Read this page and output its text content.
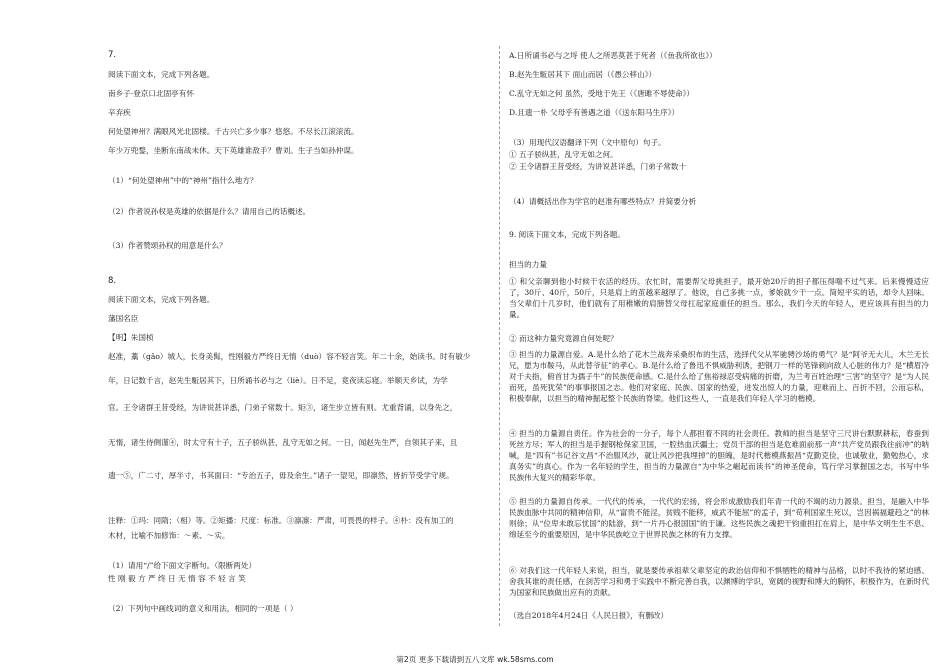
7.
阅读下面文本，完成下列各题。
南乡子·登京口北固亭有怀
辛弃疾
何处望神州？满眼风光北固楼。千古兴亡多少事？悠悠。不尽长江滚滚流。
年少万兜鍪，坐断东南战未休。天下英雄谁敌手？曹刘。生子当如孙仲谋。
（1）“何处望神州”中的“神州”指什么地方？
（2）作者说孙权是英雄的依据是什么？请用自己的话概述。
（3）作者赞颂孙权的用意是什么？
8.
阅读下面文本，完成下列各题。
藩国名臣
【明】朱国桢
赵准，藁（gǎo）城人，长身美髯，性刚毅方严终日无惰（duò）容不轻言笑。年二十余，始读书。时有敏少
年，日记数千言，赵先生駈居其下，日所诵书必与之（liè）。日不足，竟夜读忘寝。举顺天乡试，为学
官。王令诸群王昔受经，为讲说甚详悉，门弟子常数十。矩③，诸生步立皆有则。尤重背诵，以身先之，
无惰，诸生侍侧谨④，时太守有十子，五子骄纵甚，乱守无如之何。一日，闻赵先生严，自领其子来，且
遗一⑤，广二寸，厚半寸，书其面曰：“专治五子，毋及余生。”诸子一望见，即凛然，皆折节受学守规。
注释：①玛：同隋；（相）等。②矩播：尺度：标准。③凛凛：严肃，可畏畏的样子。④朴：没有加工的
木材，比喻不加修饰：～素、～实。
（1）请用“/”给下面文字断句。（限断两处）
性 刚 毅 方 严 终 日 无 惰 容 不 轻 言 笑
（2）下列句中画线词的意义和用法，相同的一项是（ ）
A.日所诵书必与之埒 使人之所恶莫甚于死者（《鱼我所欲也》）
B.赵先生駈居其下 面山而居（《愚公移山》）
C.乱守无如之何 虽然，受地于先王（《唐雎不辱使命》）
D.且遗一朴 父母乎有善遇之道（《送东阳马生序》）
（3）用现代汉语翻译下列（文中原句）句子。
① 五子骄纵甚，乱守无如之何。
② 王令诸群王昔受经，为讲说甚详悉，门弟子常数十
（4）请概括出作为学官的赵准有哪些特点？并简要分析
9. 阅读下面文本，完成下列各题。
担当的力量
① 和父亲聊到他小时候干农活的经历。农忙时，需要帮父母挑担子，最开始20斤的担子都压得喘不过气来。后来慢慢适应了，30斤、40斤，50斤，只是肩上的茧越来越厚了。他说，自己多挑一点，爹娘就少干一点。简短平实的话，却令人回味。当父辈们十几岁时，他们就有了用稚嫩的肩膀替父母扛起家庭重任的担当。那么，我们今天的年轻人，更应该具有担当的力量。
② 而这种力量究竟源自何处呢？
③ 担当的力量源自爱。A.是什么给了花木兰战奔采桑织布的生活，选择代父从军驰骋沙场的勇气？是“阿爷无大儿，木兰无长兄，愿为市鞍马，从此替爷征”的孝心。B.是什么给了鲁迅不惧威胁利诱，把钢刀一样的笔锋刺向敌人心脏的伟力？是“横眉冷对千夫指，俯首甘为孺子牛”的民族使命感。C.是什么给了焦裕禄忍受病痛的折磨，为兰考百姓治理“三害”的坚守？是“为人民而死，虽死犹荣”的事事报国之志。他们对家庭、民族、国家的热爱，迸发出惊人的力量，迎难而上、百折不回，公而忘私，积极奉献，以担当的精神掘起整个民族的脊梁。他们这些人，一直是我们年轻人学习的楷模。
④ 担当的力量源自责任。作为社会的一分子，每个人都担着不同的社会责任。教师的担当是坚守三尺讲台默默耕耘，春蚕到死丝方尽；军人的担当是手握钢枪保家卫国，一腔热血沃疆土；党员干部的担当是危难面前那一声“共产党员跟我往前冲”的呐喊，是“四有”书记谷文昌“不治服风沙，就让风沙把我埋掉”的胆魄，是时代楷模燕振昌“克勤克俭，也诚敬业，勤勉热心，求真务实”的真心。作为一名年轻的学生，担当的力量源自“为中华之崛起而读书”的神圣使命，笃行学习掌握国之志，书写中华民族伟大复兴的精彩华章。
⑤ 担当的力量源自传承。一代代的传承，一代代的宏扬，将会形成激励我们年青一代的不竭的动力源泉。担当，是融入中华民族血脉中共同的精神信仰，从“富贵不能淫，贫贱不能移，威武不能屈”的孟子，到“苟利国家生死以，岂因祸福避趋之”的林则徐；从“位卑未敢忘忧国”的陆游，到“一片丹心报国国”的于谦。这些民族之魂把干钧重担扛在肩上，是中华文明生生不息、绵延至今的重要原因，是中华民族屹立于世界民族之林的有力支撑。
⑥ 对我们这一代年轻人来说，担当，就是要传承祖辈父辈坚定的政治信仰和不惧牺牲的精神与品格，以时不我待的紧迫感、舍我其谁的责任感，在剑苦学习和勇于实践中不断完善自我，以渊博的学识，宽阔的视野和博大的胸怀，积极作为，在新时代为国家和民族做出应有的贡献。
（选自2018年4月24日《人民日报》，有删改）
第2页 更多下载请到五八文库 wk.58sms.com
